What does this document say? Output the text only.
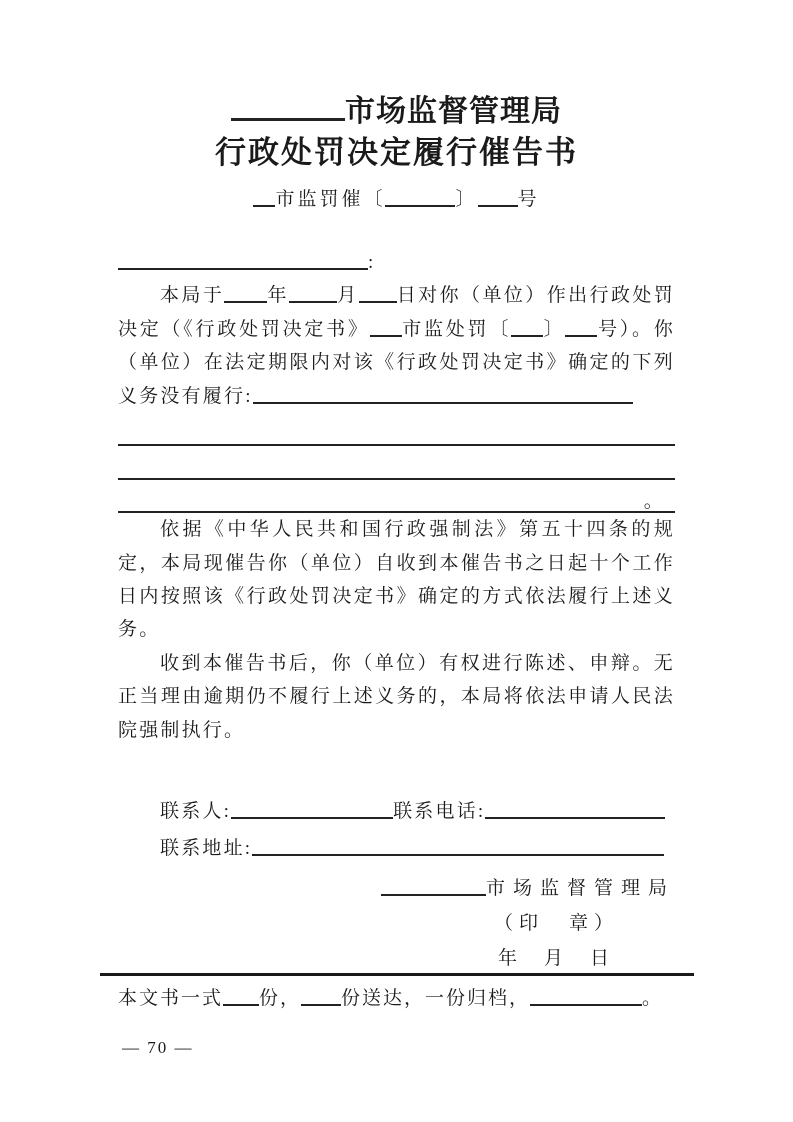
市场监督管理局
行政处罚决定履行催告书
市监罚催〔	〕 号
:

本局于 年	月 日对你（单位）作出行政处罚决定（《行政处罚决定书》 市监处罚〔 〕 号）。你（单位）在法定期限内对该《行政处罚决定书》确定的下列义务没有履行:

。

依据《中华人民共和国行政强制法》第五十四条的规定，本局现催告你（单位）自收到本催告书之日起十个工作日内按照该《行政处罚决定书》确定的方式依法履行上述义务。

收到本催告书后，你（单位）有权进行陈述、申辩。无正当理由逾期仍不履行上述义务的，本局将依法申请人民法院强制执行。

联系人:	联系电话:
联系地址:
市场监督管理局
（印　章）
年　月　日
本文书一式 份， 份送达，一份归档，	。
— 70 —
